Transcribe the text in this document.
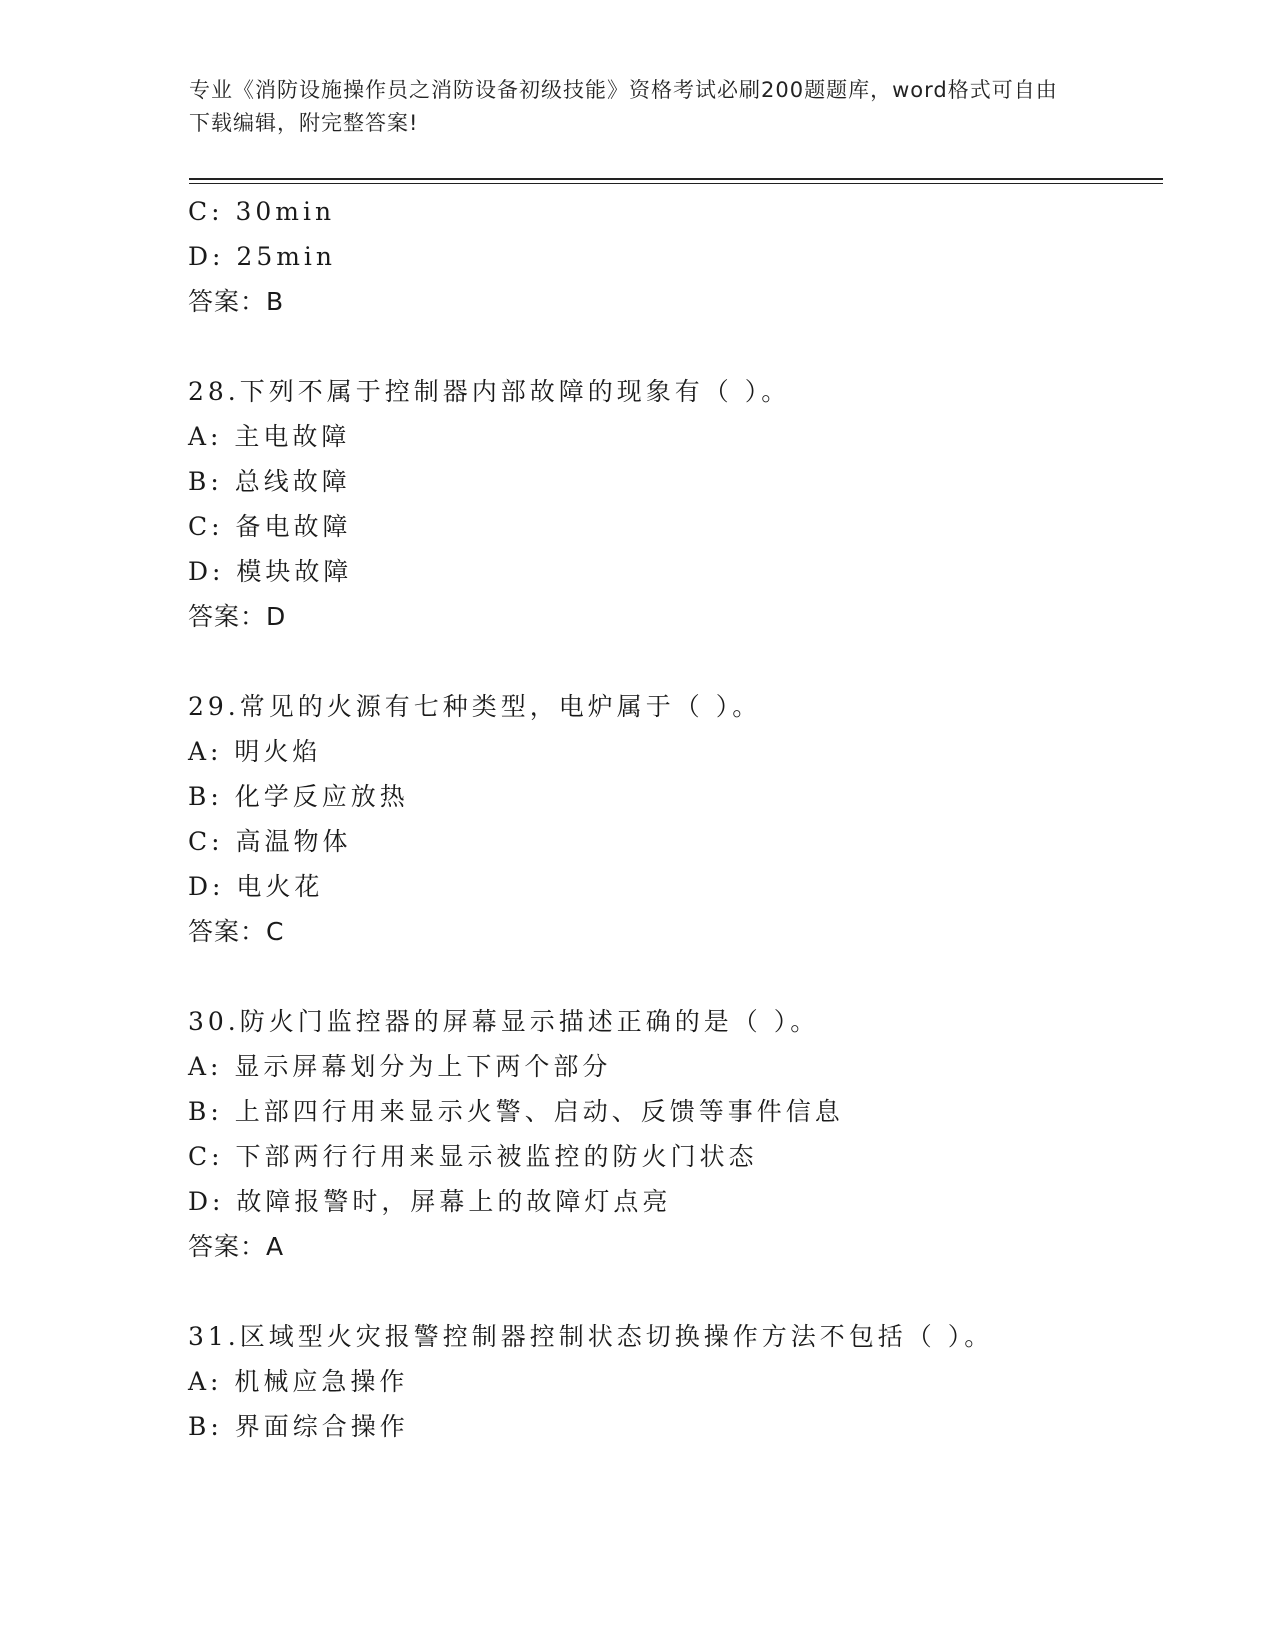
专业《消防设施操作员之消防设备初级技能》资格考试必刷200题题库，word格式可自由下载编辑，附完整答案!
C: 30min
D: 25min
答案：B
28.下列不属于控制器内部故障的现象有（ ）。
A: 主电故障
B: 总线故障
C: 备电故障
D: 模块故障
答案：D
29.常见的火源有七种类型，电炉属于（ ）。
A: 明火焰
B: 化学反应放热
C: 高温物体
D: 电火花
答案：C
30.防火门监控器的屏幕显示描述正确的是（ ）。
A: 显示屏幕划分为上下两个部分
B: 上部四行用来显示火警、启动、反馈等事件信息
C: 下部两行行用来显示被监控的防火门状态
D: 故障报警时，屏幕上的故障灯点亮
答案：A
31.区域型火灾报警控制器控制状态切换操作方法不包括（ ）。
A: 机械应急操作
B: 界面综合操作
